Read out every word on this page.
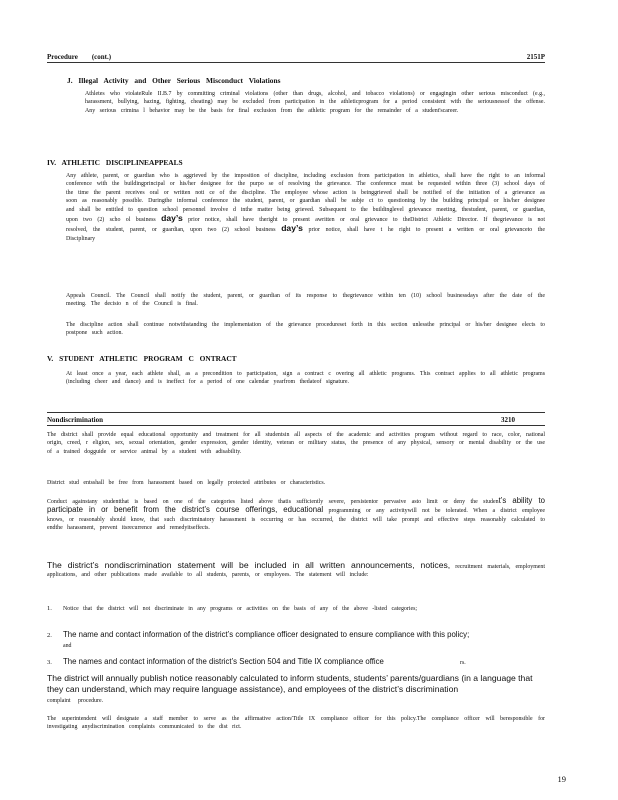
Procedure        (cont.)	2151P
J. Illegal Activity and Other Serious Misconduct Violations
Athletes who violateRule II.B.7 by committing criminal violations (other than drugs, alcohol, and tobacco violations) or engagingin other serious misconduct (e.g., harassment, bullying, hazing, fighting, cheating) may be excluded from participation in the athleticprogram for a period consistent with the seriousnessof the offense. Any serious crimina l behavior may be the basis for final exclusion from the athletic program for the remainder of a student'scareer.
IV. ATHLETIC DISCIPLINEAPPEALS
Any athlete, parent, or guardian who is aggrieved by the imposition of discipline, including exclusion from participation in athletics, shall have the right to an informal conference with the buildingprincipal or his/her designee for the purpo se of resolving the grievance. The conference must be requested within three (3) school days of the time the parent receives oral or written noti ce of the discipline. The employee whose action is beinggrieved shall be notified of the initiation of a grievance as soon as reasonably possible. Duringthe informal conference the student, parent, or guardian shall be subje ct to questioning by the building principal or his/her designee and shall be entitled to question school personnel involve d inthe matter being grieved. Subsequent to the buildinglevel grievance meeting, thestudent, parent, or guardian, upon two (2) scho ol business day’s prior notice, shall have theright to present awritten or oral grievance to theDistrict Athletic Director. If thegrievance is not resolved, the student, parent, or guardian, upon two (2) school business day’s prior notice, shall have t he right to present a written or oral grievanceto the Disciplinary
Appeals Council. The Council shall notify the student, parent, or guardian of its response to thegrievance within ten (10) school businessdays after the date of the meeting. The decisio n of the Council is final.
The discipline action shall continue notwithstanding the implementation of the grievance procedureset forth in this section unlessthe principal or his/her designee elects to postpone such action.
V. STUDENT ATHLETIC PROGRAM C ONTRACT
At least once a year, each athlete shall, as a precondition to participation, sign a contract c overing all athletic programs. This contract applies to all athletic programs (including cheer and dance) and is ineffect for a period of one calendar yearfrom thedateof signature.
Nondiscrimination	3210
The district shall provide equal educational opportunity and treatment for all studentsin all aspects of the academic and activities program without regard to race, color, national origin, creed, r eligion, sex, sexual orientation, gender expression, gender identity, veteran or military status, the presence of any physical, sensory or mental disability or the use of a trained dogguide or service animal by a student with adisability.
District stud entsshall be free from harassment based on legally protected attributes or characteristics.
Conduct againstany studentthat is based on one of the categories listed above thatis sufficiently severe, persistentor pervasive asto limit or deny the student’s ability to participate in or benefit from the district’s course offerings, educational programming or any activitywill not be tolerated. When a district employee knows, or reasonably should know, that such discriminatory harassment is occurring or has occurred, the district will take prompt and effective steps reasonably calculated to endthe harassment, prevent itsrecurrence and remedyitseffects.
The district’s nondiscrimination statement will be included in all written announcements, notices, recruitment materials, employment applications, and other publications made available to all students, parents, or employees. The statement will include:
1. Notice that the district will not discriminate in any programs or activities on the basis of any of the above -listed categories;
2. The name and contact information of the district’s compliance officer designated to ensure compliance with this policy;
and
3. The names and contact information of the district’s Section 504 and Title IX compliance office	rs.
The district will annually publish notice reasonably calculated to inform students, students’ parents/guardians (in a language that they can understand, which may require language assistance), and employees of the district’s discrimination
complaint procedure.
The superintendent will designate a staff member to serve as the affirmative action/Title IX compliance officer for this policy.The compliance officer will beresponsible for investigating anydiscrimination complaints communicated to the dist rict.
19
